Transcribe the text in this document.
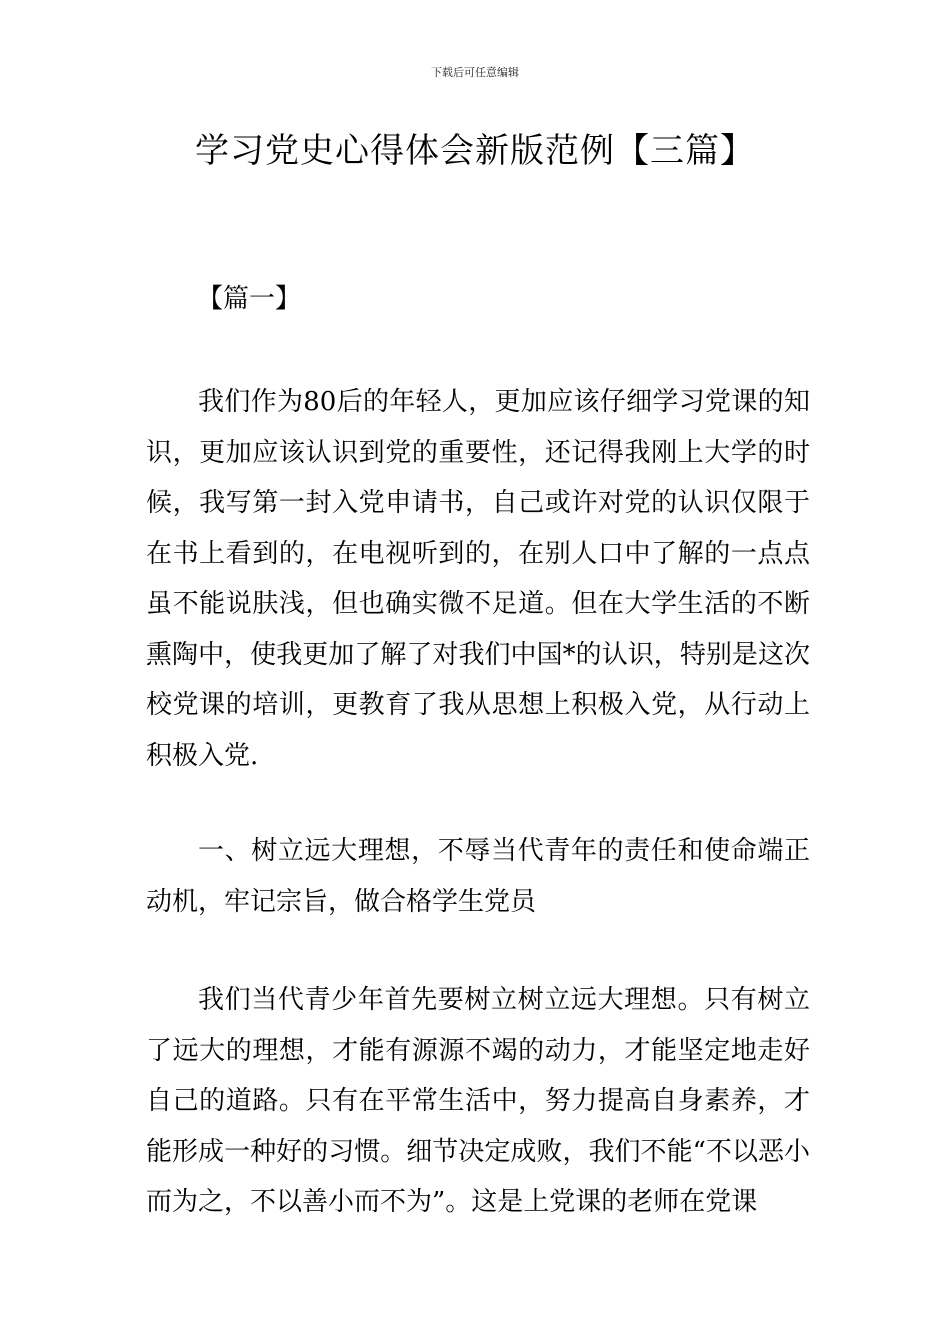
下载后可任意编辑
学习党史心得体会新版范例【三篇】

【篇一】

我们作为80后的年轻人，更加应该仔细学习党课的知识，更加应该认识到党的重要性，还记得我刚上大学的时候，我写第一封入党申请书，自己或许对党的认识仅限于在书上看到的，在电视听到的，在别人口中了解的一点点虽不能说肤浅，但也确实微不足道。但在大学生活的不断熏陶中，使我更加了解了对我们中国*的认识，特别是这次校党课的培训，更教育了我从思想上积极入党，从行动上积极入党.

一、树立远大理想，不辱当代青年的责任和使命端正动机，牢记宗旨，做合格学生党员

我们当代青少年首先要树立树立远大理想。只有树立了远大的理想，才能有源源不竭的动力，才能坚定地走好自己的道路。只有在平常生活中，努力提高自身素养，才能形成一种好的习惯。细节决定成败，我们不能“不以恶小而为之，不以善小而不为”。这是上党课的老师在党课
